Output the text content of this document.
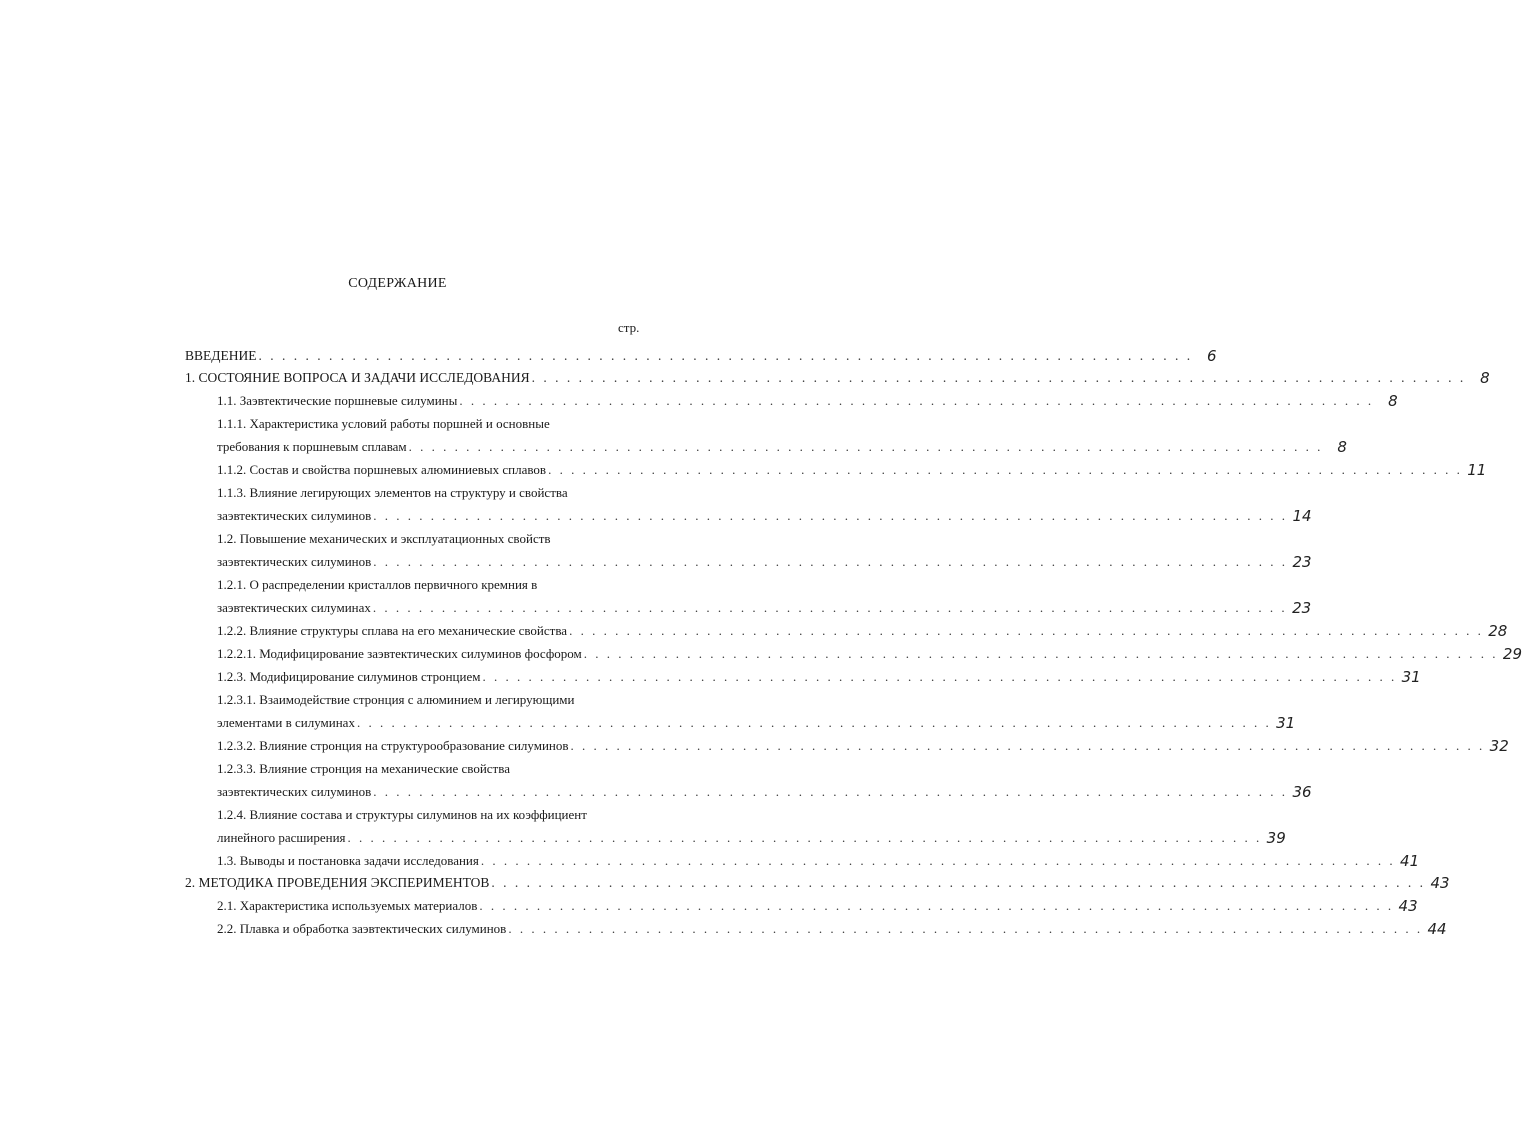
СОДЕРЖАНИЕ
стр.
ВВЕДЕНИЕ . . . . . . . . . . . . . . . . . . . . . . . . . . . . . . . . . . . . . . . . . . . . . . . . . . . . . . . . . . . . . . . . . . . . . . . . . . . . . . . . 6
1. СОСТОЯНИЕ ВОПРОСА И ЗАДАЧИ ИССЛЕДОВАНИЯ . . . . . . . . . . . . . . . . . . . . . . . . . . . . . . . . . . . . . . . . . . . . . . . . . . . . . . . . . . . . . . . . . . . . . . . . . . . . . . . . 8
1.1. Заэвтектические поршневые силумины . . . . . . . . . . . . . . . . . . . . . . . . . . . . . . . . . . . . . . . . . . . . . . . . . . . . . . . . . . . . . . . . . . . . . . . . . . . . . . . . 8
1.1.1. Характеристика условий работы поршней и основные
требования к поршневым сплавам . . . . . . . . . . . . . . . . . . . . . . . . . . . . . . . . . . . . . . . . . . . . . . . . . . . . . . . . . . . . . . . . . . . . . . . . . . . . . . . . 8
1.1.2. Состав и свойства поршневых алюминиевых сплавов . . . . . . . . . . . . . . . . . . . . . . . . . . . . . . . . . . . . . . . . . . . . . . . . . . . . . . . . . . . . . . . . . . . . . . . . . . . . . . . . 11
1.1.3. Влияние легирующих элементов на структуру и свойства
заэвтектических силуминов . . . . . . . . . . . . . . . . . . . . . . . . . . . . . . . . . . . . . . . . . . . . . . . . . . . . . . . . . . . . . . . . . . . . . . . . . . . . . . . . 14
1.2. Повышение механических и эксплуатационных свойств
заэвтектических силуминов . . . . . . . . . . . . . . . . . . . . . . . . . . . . . . . . . . . . . . . . . . . . . . . . . . . . . . . . . . . . . . . . . . . . . . . . . . . . . . . . 23
1.2.1. О распределении кристаллов первичного кремния в
заэвтектических силуминах . . . . . . . . . . . . . . . . . . . . . . . . . . . . . . . . . . . . . . . . . . . . . . . . . . . . . . . . . . . . . . . . . . . . . . . . . . . . . . . . 23
1.2.2. Влияние структуры сплава на его механические свойства . . . . . . . . . . . . . . . . . . . . . . . . . . . . . . . . . . . . . . . . . . . . . . . . . . . . . . . . . . . . . . . . . . . . . . . . . . . . . . . . 28
1.2.2.1. Модифицирование заэвтектических силуминов фосфором . . . . . . . . . . . . . . . . . . . . . . . . . . . . . . . . . . . . . . . . . . . . . . . . . . . . . . . . . . . . . . . . . . . . . . . . . . . . . . . . 29
1.2.3. Модифицирование силуминов стронцием . . . . . . . . . . . . . . . . . . . . . . . . . . . . . . . . . . . . . . . . . . . . . . . . . . . . . . . . . . . . . . . . . . . . . . . . . . . . . . . . 31
1.2.3.1. Взаимодействие стронция с алюминием и легирующими
элементами в силуминах . . . . . . . . . . . . . . . . . . . . . . . . . . . . . . . . . . . . . . . . . . . . . . . . . . . . . . . . . . . . . . . . . . . . . . . . . . . . . . . . 31
1.2.3.2. Влияние стронция на структурообразование силуминов . . . . . . . . . . . . . . . . . . . . . . . . . . . . . . . . . . . . . . . . . . . . . . . . . . . . . . . . . . . . . . . . . . . . . . . . . . . . . . . . 32
1.2.3.3. Влияние стронция на механические свойства
заэвтектических силуминов . . . . . . . . . . . . . . . . . . . . . . . . . . . . . . . . . . . . . . . . . . . . . . . . . . . . . . . . . . . . . . . . . . . . . . . . . . . . . . . . 36
1.2.4. Влияние состава и структуры силуминов на их коэффициент
линейного расширения . . . . . . . . . . . . . . . . . . . . . . . . . . . . . . . . . . . . . . . . . . . . . . . . . . . . . . . . . . . . . . . . . . . . . . . . . . . . . . . . 39
1.3. Выводы и постановка задачи исследования . . . . . . . . . . . . . . . . . . . . . . . . . . . . . . . . . . . . . . . . . . . . . . . . . . . . . . . . . . . . . . . . . . . . . . . . . . . . . . . . 41
2. МЕТОДИКА ПРОВЕДЕНИЯ ЭКСПЕРИМЕНТОВ . . . . . . . . . . . . . . . . . . . . . . . . . . . . . . . . . . . . . . . . . . . . . . . . . . . . . . . . . . . . . . . . . . . . . . . . . . . . . . . . 43
2.1. Характеристика используемых материалов . . . . . . . . . . . . . . . . . . . . . . . . . . . . . . . . . . . . . . . . . . . . . . . . . . . . . . . . . . . . . . . . . . . . . . . . . . . . . . . . 43
2.2. Плавка и обработка заэвтектических силуминов . . . . . . . . . . . . . . . . . . . . . . . . . . . . . . . . . . . . . . . . . . . . . . . . . . . . . . . . . . . . . . . . . . . . . . . . . . . . . . . . 44
